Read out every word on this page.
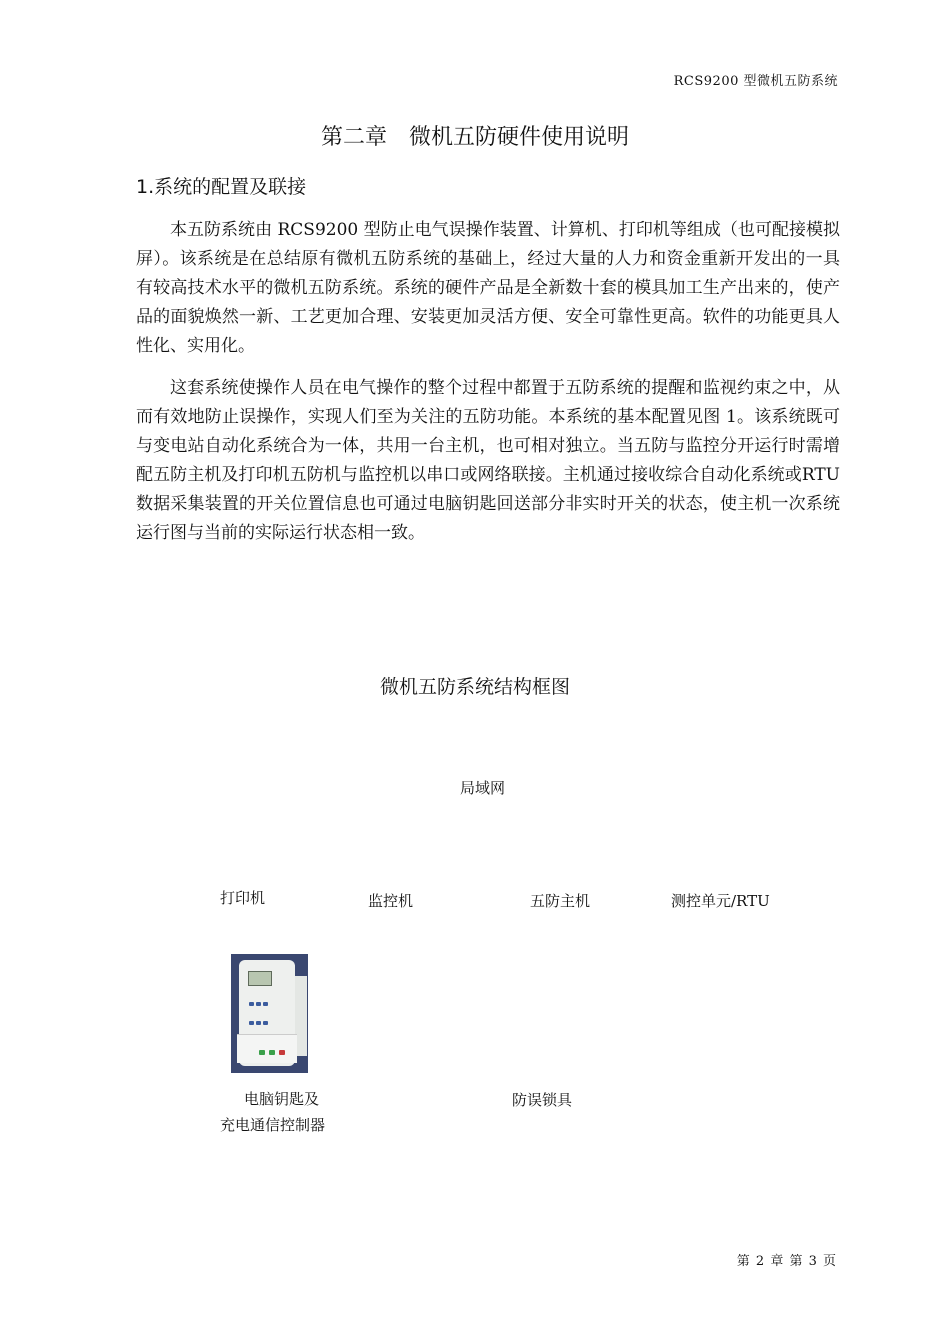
RCS9200 型微机五防系统
第二章　微机五防硬件使用说明
1.系统的配置及联接

本五防系统由 RCS9200 型防止电气误操作装置、计算机、打印机等组成（也可配接模拟屏）。该系统是在总结原有微机五防系统的基础上，经过大量的人力和资金重新开发出的一具有较高技术水平的微机五防系统。系统的硬件产品是全新数十套的模具加工生产出来的，使产品的面貌焕然一新、工艺更加合理、安装更加灵活方便、安全可靠性更高。软件的功能更具人性化、实用化。

这套系统使操作人员在电气操作的整个过程中都置于五防系统的提醒和监视约束之中，从而有效地防止误操作，实现人们至为关注的五防功能。本系统的基本配置见图 1。该系统既可与变电站自动化系统合为一体，共用一台主机，也可相对独立。当五防与监控分开运行时需增配五防主机及打印机五防机与监控机以串口或网络联接。主机通过接收综合自动化系统或RTU 数据采集装置的开关位置信息也可通过电脑钥匙回送部分非实时开关的状态，使主机一次系统运行图与当前的实际运行状态相一致。

微机五防系统结构框图
局域网
打印机	监控机	五防主机	测控单元/RTU

电脑钥匙及
充电通信控制器
防误锁具
第 2 章 第 3 页
